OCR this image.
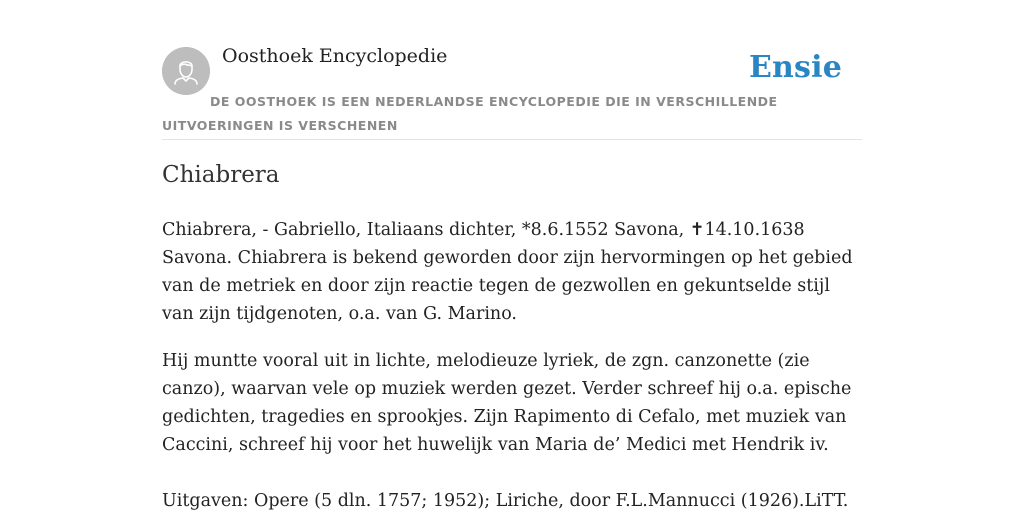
Oosthoek Encyclopedie	Ensie
DE OOSTHOEK IS EEN NEDERLANDSE ENCYCLOPEDIE DIE IN VERSCHILLENDE UITVOERINGEN IS VERSCHENEN
Chiabrera

Chiabrera, - Gabriello, Italiaans dichter, *8.6.1552 Savona, ✝14.10.1638 Savona. Chiabrera is bekend geworden door zijn hervormingen op het gebied van de metriek en door zijn reactie tegen de gezwollen en gekuntselde stijl van zijn tijdgenoten, o.a. van G. Marino.

Hij muntte vooral uit in lichte, melodieuze lyriek, de zgn. canzonette (zie canzo), waarvan vele op muziek werden gezet. Verder schreef hij o.a. epische gedichten, tragedies en sprookjes. Zijn Rapimento di Cefalo, met muziek van Caccini, schreef hij voor het huwelijk van Maria de’ Medici met Hendrik iv.

Uitgaven: Opere (5 dln. 1757; 1952); Liriche, door F.L.Mannucci (1926).LiTT.
